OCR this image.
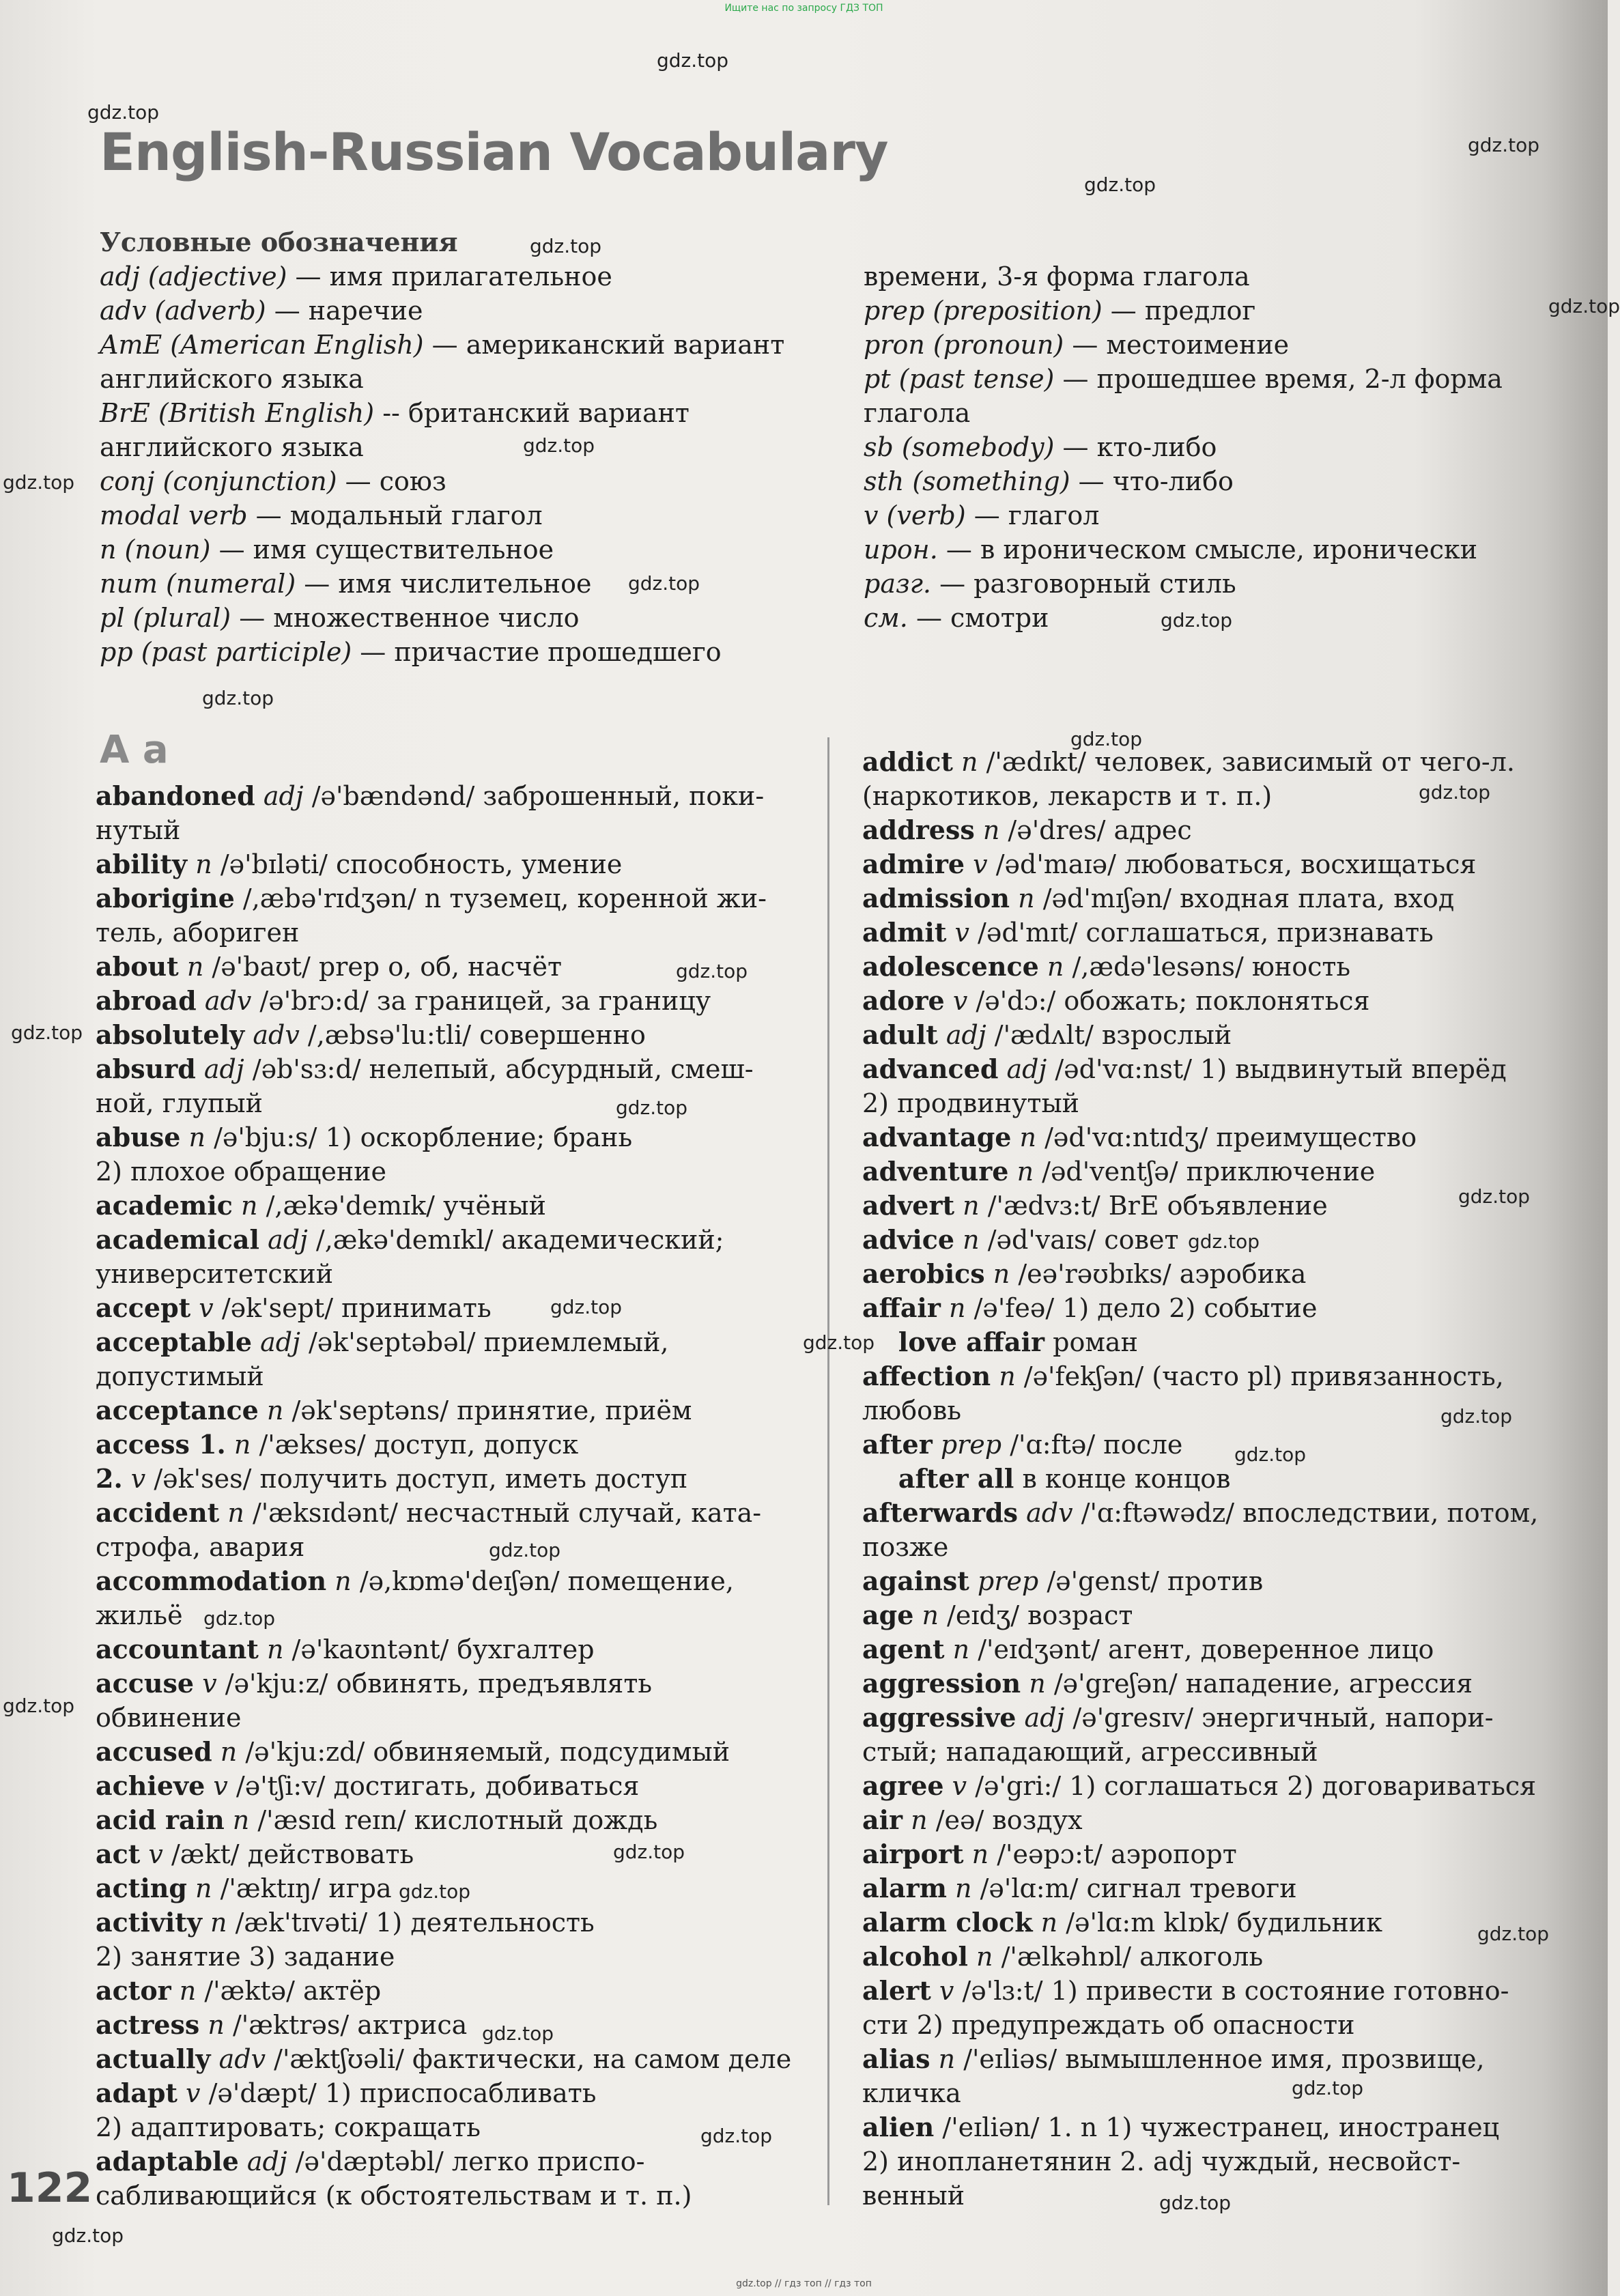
Ищите нас по запросу ГДЗ ТОП
English-Russian Vocabulary
Условные обозначения
adj (adjective) — имя прилагательное
adv (adverb) — наречие
AmE (American English) — американский вариант
английского языка
BrE (British English) -- британский вариант
английского языка
conj (conjunction) — союз
modal verb — модальный глагол
n (noun) — имя существительное
num (numeral) — имя числительное
pl (plural) — множественное число
pp (past participle) — причастие прошедшего
времени, 3-я форма глагола
prep (preposition) — предлог
pron (pronoun) — местоимение
pt (past tense) — прошедшее время, 2-л форма
глагола
sb (somebody) — кто-либо
sth (something) — что-либо
v (verb) — глагол
ирон. — в ироническом смысле, ироничeски
разг. — разговорный стиль
см. — смотри
A a
abandoned adj /ə'bændənd/ заброшенный, поки-
нутый
ability n /ə'bɪləti/ способность, умение
aborigine /,æbə'rɪdʒən/ n туземец, коренной жи-
тель, абориген
about n /ə'baʊt/ prep о, об, насчёт
abroad adv /ə'brɔ:d/ за границей, за границу
absolutely adv /,æbsə'lu:tli/ совершенно
absurd adj /əb'sɜ:d/ нелепый, абсурдный, смеш-
ной, глупый
abuse n /ə'bju:s/ 1) оскорбление; брань
2) плохое обращение
academic n /,ækə'demɪk/ учёный
academical adj /,ækə'demɪkl/ академический;
университетский
accept v /ək'sept/ принимать
acceptable adj /ək'septəbəl/ приемлемый,
допустимый
acceptance n /ək'septəns/ принятие, приём
access 1. n /'ækses/ доступ, допуск
2. v /ək'ses/ получить доступ, иметь доступ
accident n /'æksɪdənt/ несчастный случай, ката-
строфа, авария
accommodation n /ə,kɒmə'deɪʃən/ помещение,
жильё
accountant n /ə'kaʊntənt/ бухгалтер
accuse v /ə'kju:z/ обвинять, предъявлять
обвинение
accused n /ə'kju:zd/ обвиняемый, подсудимый
achieve v /ə'tʃi:v/ достигать, добиваться
acid rain n /'æsɪd reɪn/ кислотный дождь
act v /ækt/ действовать
acting n /'æktɪŋ/ игра
activity n /æk'tɪvəti/ 1) деятельность
2) занятие 3) задание
actor n /'æktə/ актёр
actress n /'æktrəs/ актриса
actually adv /'æktʃʊəli/ фактически, на самом деле
adapt v /ə'dæpt/ 1) приспосабливать
2) адаптировать; сокращать
adaptable adj /ə'dæptəbl/ легко приспо-
сабливающийся (к обстоятельствам и т. п.)
addict n /'ædɪkt/ человек, зависимый от чего-л.
(наркотиков, лекарств и т. п.)
address n /ə'dres/ адрес
admire v /əd'maɪə/ любоваться, восхищаться
admission n /əd'mɪʃən/ входная плата, вход
admit v /əd'mɪt/ соглашаться, признавать
adolescence n /,ædə'lesəns/ юность
adore v /ə'dɔ:/ обожать; поклоняться
adult adj /'ædʌlt/ взрослый
advanced adj /əd'vɑ:nst/ 1) выдвинутый вперёд
2) продвинутый
advantage n /əd'vɑ:ntɪdʒ/ преимущество
adventure n /əd'ventʃə/ приключение
advert n /'ædvɜ:t/ BrE объявление
advice n /əd'vaɪs/ совет
aerobics n /eə'rəʊbɪks/ аэробика
affair n /ə'feə/ 1) дело 2) событие
love affair роман
affection n /ə'fekʃən/ (часто pl) привязанность,
любовь
after prep /'ɑ:ftə/ после
after all в конце концов
afterwards adv /'ɑ:ftəwədz/ впоследствии, потом,
позже
against prep /ə'genst/ против
age n /eɪdʒ/ возраст
agent n /'eɪdʒənt/ агент, доверенное лицо
aggression n /ə'greʃən/ нападение, агрессия
aggressive adj /ə'gresɪv/ энергичный, напори-
стый; нападающий, агрессивный
agree v /ə'gri:/ 1) соглашаться 2) договариваться
air n /eə/ воздух
airport n /'eəpɔ:t/ аэропорт
alarm n /ə'lɑ:m/ сигнал тревоги
alarm clock n /ə'lɑ:m klɒk/ будильник
alcohol n /'ælkəhɒl/ алкоголь
alert v /ə'lɜ:t/ 1) привести в состояние готовно-
сти 2) предупреждать об опасности
alias n /'eɪliəs/ вымышленное имя, прозвище,
кличка
alien /'eɪliən/ 1. n 1) чужестранец, иностранец
2) инопланетянин 2. adj чуждый, несвойст-
венный
122
gdz.top
gdz.top
gdz.top
gdz.top
gdz.top
gdz.top
gdz.top
gdz.top
gdz.top
gdz.top
gdz.top
gdz.top
gdz.top
gdz.top
gdz.top
gdz.top
gdz.top
gdz.top
gdz.top
gdz.top
gdz.top
gdz.top
gdz.top
gdz.top
gdz.top
gdz.top
gdz.top
gdz.top
gdz.top
gdz.top
gdz.top
gdz.top
gdz.top
gdz.top // гдз топ // гдз топ
